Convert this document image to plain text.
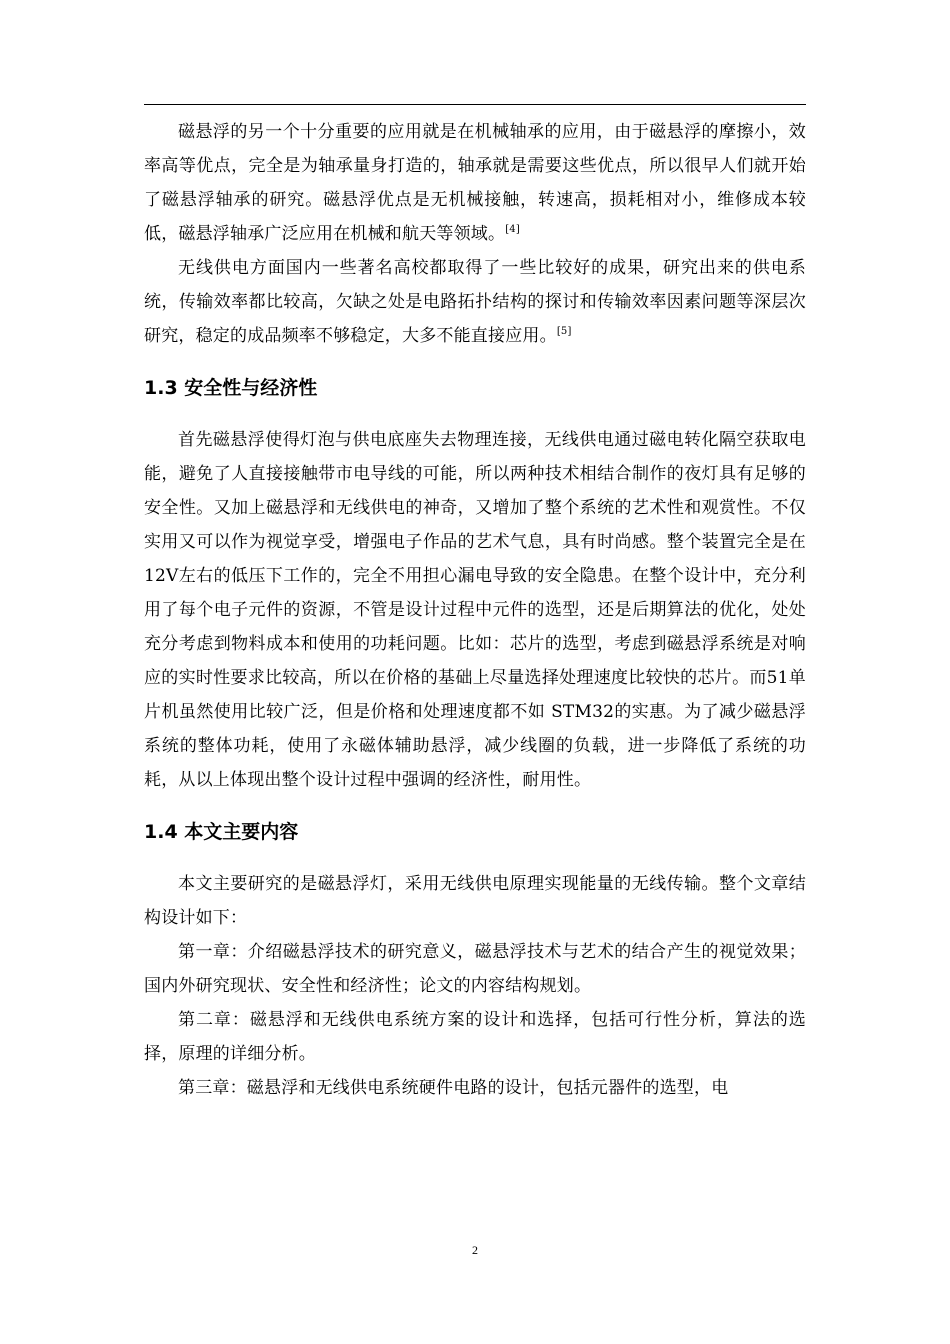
磁悬浮的另一个十分重要的应用就是在机械轴承的应用，由于磁悬浮的摩擦小，效率高等优点，完全是为轴承量身打造的，轴承就是需要这些优点，所以很早人们就开始了磁悬浮轴承的研究。磁悬浮优点是无机械接触，转速高，损耗相对小，维修成本较低，磁悬浮轴承广泛应用在机械和航天等领域。[4]

无线供电方面国内一些著名高校都取得了一些比较好的成果，研究出来的供电系统，传输效率都比较高，欠缺之处是电路拓扑结构的探讨和传输效率因素问题等深层次研究，稳定的成品频率不够稳定，大多不能直接应用。[5]

1.3 安全性与经济性

首先磁悬浮使得灯泡与供电底座失去物理连接，无线供电通过磁电转化隔空获取电能，避免了人直接接触带市电导线的可能，所以两种技术相结合制作的夜灯具有足够的安全性。又加上磁悬浮和无线供电的神奇，又增加了整个系统的艺术性和观赏性。不仅实用又可以作为视觉享受，增强电子作品的艺术气息，具有时尚感。整个装置完全是在12V左右的低压下工作的，完全不用担心漏电导致的安全隐患。在整个设计中，充分利用了每个电子元件的资源，不管是设计过程中元件的选型，还是后期算法的优化，处处充分考虑到物料成本和使用的功耗问题。比如：芯片的选型，考虑到磁悬浮系统是对响应的实时性要求比较高，所以在价格的基础上尽量选择处理速度比较快的芯片。而51单片机虽然使用比较广泛，但是价格和处理速度都不如 STM32的实惠。为了减少磁悬浮系统的整体功耗，使用了永磁体辅助悬浮，减少线圈的负载，进一步降低了系统的功耗，从以上体现出整个设计过程中强调的经济性，耐用性。

1.4 本文主要内容

本文主要研究的是磁悬浮灯，采用无线供电原理实现能量的无线传输。整个文章结构设计如下：

第一章：介绍磁悬浮技术的研究意义，磁悬浮技术与艺术的结合产生的视觉效果；国内外研究现状、安全性和经济性；论文的内容结构规划。

第二章：磁悬浮和无线供电系统方案的设计和选择，包括可行性分析，算法的选择，原理的详细分析。

第三章：磁悬浮和无线供电系统硬件电路的设计，包括元器件的选型，电

2
